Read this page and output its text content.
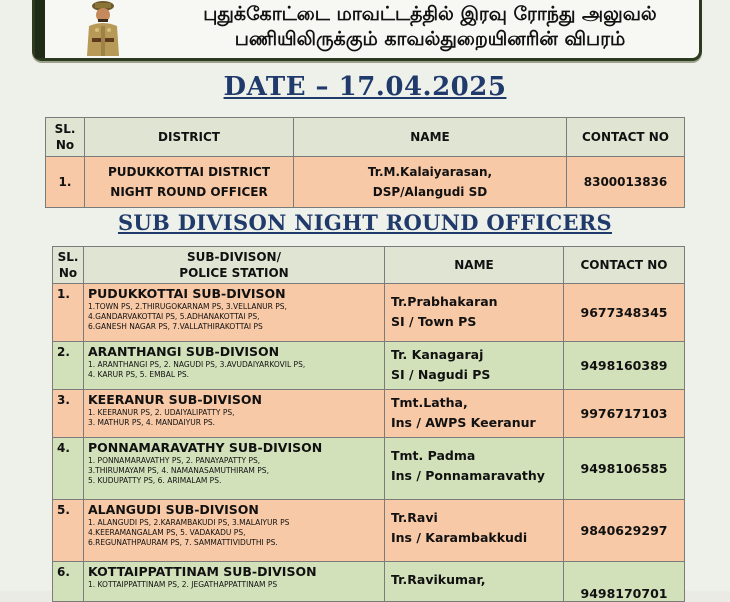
புதுக்கோட்டை மாவட்டத்தில் இரவு ரோந்து அலுவல்
பணியிலிருக்கும் காவல்துறையினரின் விபரம்
DATE – 17.04.2025
SL.
No	DISTRICT	NAME	CONTACT NO
1.	PUDUKKOTTAI DISTRICT
NIGHT ROUND OFFICER	Tr.M.Kalaiyarasan,
DSP/Alangudi SD	8300013836
SUB DIVISON NIGHT ROUND OFFICERS
SL.
No	SUB-DIVISON/
POLICE STATION	NAME	CONTACT NO
1.	PUDUKKOTTAI SUB-DIVISON
1.TOWN PS, 2.THIRUGOKARNAM PS, 3.VELLANUR PS,
4.GANDARVAKOTTAI PS, 5.ADHANAKOTTAI PS,
6.GANESH NAGAR PS, 7.VALLATHIRAKOTTAI PS	Tr.Prabhakaran
SI / Town PS	9677348345
2.	ARANTHANGI SUB-DIVISON
1. ARANTHANGI PS, 2. NAGUDI PS, 3.AVUDAIYARKOVIL PS,
4. KARUR PS, 5. EMBAL PS.	Tr. Kanagaraj
SI / Nagudi PS	9498160389
3.	KEERANUR SUB-DIVISON
1. KEERANUR PS, 2. UDAIYALIPATTY PS,
3. MATHUR PS, 4. MANDAIYUR PS.	Tmt.Latha,
Ins / AWPS Keeranur	9976717103
4.	PONNAMARAVATHY SUB-DIVISON
1. PONNAMARAVATHY PS, 2. PANAYAPATTY PS,
3.THIRUMAYAM PS, 4. NAMANASAMUTHIRAM PS,
5. KUDUPATTY PS, 6. ARIMALAM PS.	Tmt. Padma
Ins / Ponnamaravathy	9498106585
5.	ALANGUDI SUB-DIVISON
1. ALANGUDI PS, 2.KARAMBAKUDI PS, 3.MALAIYUR PS
4.KEERAMANGALAM PS, 5. VADAKADU PS,
6.REGUNATHPAURAM PS, 7. SAMMATTIVIDUTHI PS.	Tr.Ravi
Ins / Karambakkudi	9840629297
6.	KOTTAIPPATTINAM SUB-DIVISON
1. KOTTAIPPATTINAM PS, 2. JEGATHAPPATTINAM PS	Tr.Ravikumar,	9498170701
